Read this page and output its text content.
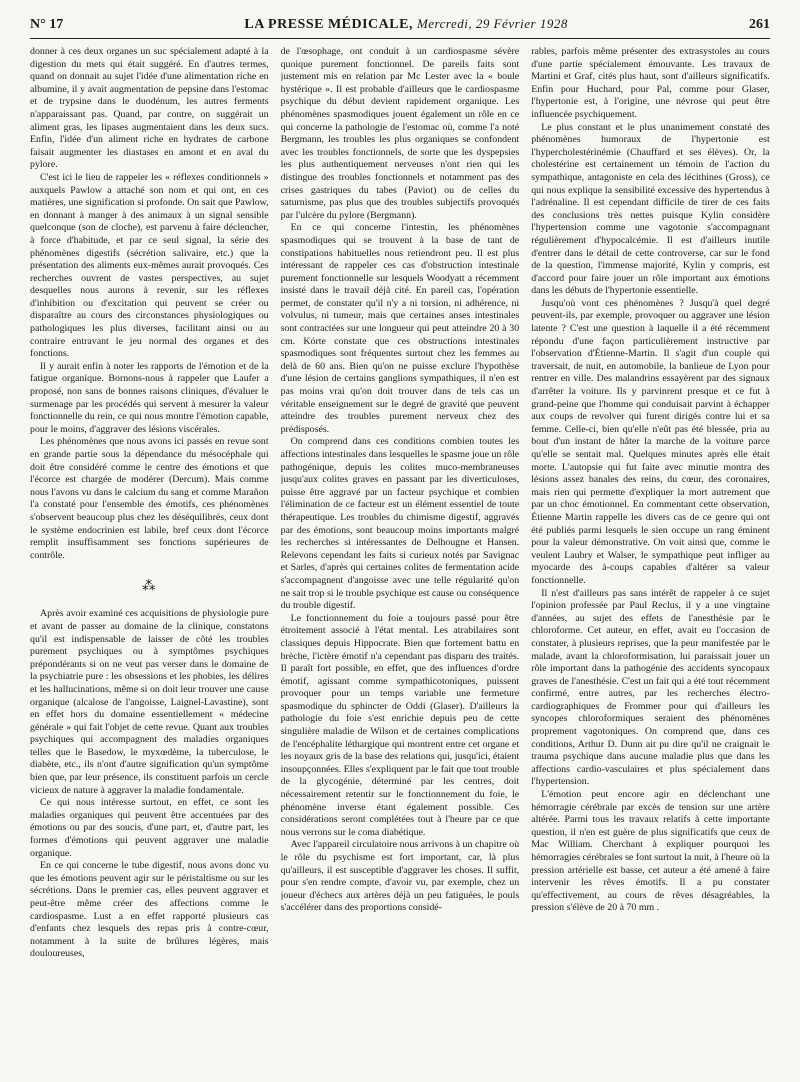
N° 17	LA PRESSE MÉDICALE, Mercredi, 29 Février 1928	261

donner à ces deux organes un suc spécialement adapté à la digestion du mets qui était suggéré. En d'autres termes, quand on donnait au sujet l'idée d'une alimentation riche en albumine, il y avait augmentation de pepsine dans l'estomac et de trypsine dans le duodénum, les autres ferments n'apparaissant pas. Quand, par contre, on suggérait un aliment gras, les lipases augmentaient dans les deux sucs. Enfin, l'idée d'un aliment riche en hydrates de carbone faisait augmenter les diastases en amont et en aval du pylore.

C'est ici le lieu de rappeler les « réflexes conditionnels » auxquels Pawlow a attaché son nom et qui ont, en ces matières, une signification si profonde. On sait que Pawlow, en donnant à manger à des animaux à un signal sensible quelconque (son de cloche), est parvenu à faire déclencher, à force d'habitude, et par ce seul signal, la série des phénomènes digestifs (sécrétion salivaire, etc.) que la présentation des aliments eux-mêmes aurait provoqués. Ces recherches ouvrent de vastes perspectives, au sujet desquelles nous aurons à revenir, sur les réflexes d'inhibition ou d'excitation qui peuvent se créer ou disparaître au cours des circonstances physiologiques ou pathologiques les plus diverses, facilitant ainsi ou au contraire entravant le jeu normal des organes et des fonctions.

Il y aurait enfin à noter les rapports de l'émotion et de la fatigue organique. Bornons-nous à rappeler que Laufer a proposé, non sans de bonnes raisons cliniques, d'évaluer le surmenage par les procédés qui servent à mesurer la valeur fonctionnelle du rein, ce qui nous montre l'émotion capable, pour le moins, d'aggraver des lésions viscérales.

Les phénomènes que nous avons ici passés en revue sont en grande partie sous la dépendance du mésocéphale qui doit être considéré comme le centre des émotions et que l'écorce est chargée de modérer (Dercum). Mais comme nous l'avons vu dans le calcium du sang et comme Marañon l'a constaté pour l'ensemble des émotifs, ces phénomènes s'observent beaucoup plus chez les déséquilibrés, ceux dont le système endocrinien est labile, bref ceux dont l'écorce remplit insuffisamment ses fonctions supérieures de contrôle.

⁂

Après avoir examiné ces acquisitions de physiologie pure et avant de passer au domaine de la clinique, constatons qu'il est indispensable de laisser de côté les troubles purement psychiques ou à symptômes psychiques prépondérants si on ne veut pas verser dans le domaine de la psychiatrie pure : les obsessions et les phobies, les délires et les hallucinations, même si on doit leur trouver une cause organique (alcalose de l'angoisse, Laignel-Lavastine), sont en effet hors du domaine essentiellement « médecine générale » qui fait l'objet de cette revue. Quant aux troubles psychiques qui accompagnent des maladies organiques telles que le Basedow, le myxœdème, la tuberculose, le diabète, etc., ils n'ont d'autre signification qu'un symptôme bien que, par leur présence, ils constituent parfois un cercle vicieux de nature à aggraver la maladie fondamentale.

Ce qui nous intéresse surtout, en effet, ce sont les maladies organiques qui peuvent être accentuées par des émotions ou par des soucis, d'une part, et, d'autre part, les formes d'émotions qui peuvent aggraver une maladie organique.

En ce qui concerne le tube digestif, nous avons donc vu que les émotions peuvent agir sur le péristaltisme ou sur les sécrétions. Dans le premier cas, elles peuvent aggraver et peut-être même créer des affections comme le cardiospasme. Lust a en effet rapporté plusieurs cas d'enfants chez lesquels des repas pris à contre-cœur, notamment à la suite de brûlures légères, mais douloureuses,

de l'œsophage, ont conduit à un cardiospasme sévère quoique purement fonctionnel. De pareils faits sont justement mis en relation par Mc Lester avec la « boule hystérique ». Il est probable d'ailleurs que le cardiospasme psychique du début devient rapidement organique. Les phénomènes spasmodiques jouent également un rôle en ce qui concerne la pathologie de l'estomac où, comme l'a noté Bergmann, les troubles les plus organiques se confondent avec les troubles fonctionnels, de sorte que les dyspepsies les plus authentiquement nerveuses n'ont rien qui les distingue des troubles fonctionnels et notamment pas des crises gastriques du tabes (Paviot) ou de celles du saturnisme, pas plus que des troubles subjectifs provoqués par l'ulcère du pylore (Bergmann).

En ce qui concerne l'intestin, les phénomènes spasmodiques qui se trouvent à la base de tant de constipations habituelles nous retiendront peu. Il est plus intéressant de rappeler ces cas d'obstruction intestinale purement fonctionnelle sur lesquels Woodyatt a récemment insisté dans le travail déjà cité. En pareil cas, l'opération permet, de constater qu'il n'y a ni torsion, ni adhérence, ni volvulus, ni tumeur, mais que certaines anses intestinales sont contractées sur une longueur qui peut atteindre 20 à 30 cm. Kórte constate que ces obstructions intestinales spasmodiques sont fréquentes surtout chez les femmes au delà de 60 ans. Bien qu'on ne puisse exclure l'hypothèse d'une lésion de certains ganglions sympathiques, il n'en est pas moins vrai qu'on doit trouver dans de tels cas un véritable enseignement sur le degré de gravité que peuvent atteindre des troubles purement nerveux chez des prédisposés.

On comprend dans ces conditions combien toutes les affections intestinales dans lesquelles le spasme joue un rôle pathogénique, depuis les colites muco-membraneuses jusqu'aux colites graves en passant par les diverticuloses, puisse être aggravé par un facteur psychique et combien l'élimination de ce facteur est un élément essentiel de toute thérapeutique. Les troubles du chimisme digestif, aggravés par des émotions, sont beaucoup moins importants malgré les recherches si intéressantes de Delhougne et Hansen. Relevons cependant les faits si curieux notés par Savignac et Sarles, d'après qui certaines colites de fermentation acide s'accompagnent d'angoisse avec une telle régularité qu'on ne sait trop si le trouble psychique est cause ou conséquence du trouble digestif.

Le fonctionnement du foie a toujours passé pour être étroitement associé à l'état mental. Les atrabilaires sont classiques depuis Hippocrate. Bien que fortement battu en brèche, l'ictère émotif n'a cependant pas disparu des traités. Il paraît fort possible, en effet, que des influences d'ordre émotif, agissant comme sympathicotoniques, puissent provoquer pour un temps variable une fermeture spasmodique du sphincter de Oddi (Glaser). D'ailleurs la pathologie du foie s'est enrichie depuis peu de cette singulière maladie de Wilson et de certaines complications de l'encéphalite léthargique qui montrent entre cet organe et les noyaux gris de la base des relations qui, jusqu'ici, étaient insoupçonnées. Elles s'expliquent par le fait que tout trouble de la glycogénie, déterminé par les centres, doit nécessairement retentir sur le fonctionnement du foie, le phénomène inverse étant également possible. Ces considérations seront complétées tout à l'heure par ce que nous verrons sur le coma diabétique.

Avec l'appareil circulatoire nous arrivons à un chapitre où le rôle du psychisme est fort important, car, là plus qu'ailleurs, il est susceptible d'aggraver les choses. Il suffit, pour s'en rendre compte, d'avoir vu, par exemple, chez un joueur d'échecs aux artères déjà un peu fatiguées, le pouls s'accélérer dans des proportions considé-

rables, parfois même présenter des extrasystoles au cours d'une partie spécialement émouvante. Les travaux de Martini et Graf, cités plus haut, sont d'ailleurs significatifs. Enfin pour Huchard, pour Pal, comme pour Glaser, l'hypertonie est, à l'origine, une névrose qui peut être influencée psychiquement.

Le plus constant et le plus unanimement constaté des phénomènes humoraux de l'hypertonie est l'hypercholestérinémie (Chauffard et ses élèves). Or, la cholestérine est certainement un témoin de l'action du sympathique, antagoniste en cela des lécithines (Gross), ce qui nous explique la sensibilité excessive des hypertendus à l'adrénaline. Il est cependant difficile de tirer de ces faits des conclusions très nettes puisque Kylin considère l'hypertension comme une vagotonie s'accompagnant régulièrement d'hypocalcémie. Il est d'ailleurs inutile d'entrer dans le détail de cette controverse, car sur le fond de la question, l'immense majorité, Kylin y compris, est d'accord pour faire jouer un rôle important aux émotions dans les débuts de l'hypertonie essentielle.

Jusqu'où vont ces phénomènes ? Jusqu'à quel degré peuvent-ils, par exemple, provoquer ou aggraver une lésion latente ? C'est une question à laquelle il a été récemment répondu d'une façon particulièrement instructive par l'observation d'Étienne-Martin. Il s'agit d'un couple qui traversait, de nuit, en automobile, la banlieue de Lyon pour rentrer en ville. Des malandrins essayèrent par des signaux d'arrêter la voiture. Ils y parvinrent presque et ce fut à grand-peine que l'homme qui conduisait parvint à échapper aux coups de revolver qui furent dirigés contre lui et sa femme. Celle-ci, bien qu'elle n'eût pas été blessée, pria au bout d'un instant de hâter la marche de la voiture parce qu'elle se sentait mal. Quelques minutes après elle était morte. L'autopsie qui fut faite avec minutie montra des lésions assez banales des reins, du cœur, des coronaires, mais rien qui permette d'expliquer la mort autrement que par un choc émotionnel. En commentant cette observation, Étienne Martin rappelle les divers cas de ce genre qui ont été publiés parmi lesquels le sien occupe un rang éminent pour la valeur démonstrative. On voit ainsi que, comme le veulent Laubry et Walser, le sympathique peut infliger au myocarde des à-coups capables d'altérer sa valeur fonctionnelle.

Il n'est d'ailleurs pas sans intérêt de rappeler à ce sujet l'opinion professée par Paul Reclus, il y a une vingtaine d'années, au sujet des effets de l'anesthésie par le chloroforme. Cet auteur, en effet, avait eu l'occasion de constater, à plusieurs reprises, que la peur manifestée par le malade, avant la chloroformisation, lui paraissait jouer un rôle important dans la pathogénie des accidents syncopaux graves de l'anesthésie. C'est un fait qui a été tout récemment confirmé, entre autres, par les recherches électro-cardiographiques de Frommer pour qui d'ailleurs les syncopes chloroformiques seraient des phénomènes proprement vagotoniques. On comprend que, dans ces conditions, Arthur D. Dunn ait pu dire qu'il ne craignait le trauma psychique dans aucune maladie plus que dans les affections cardio-vasculaires et plus spécialement dans l'hypertension.

L'émotion peut encore agir en déclenchant une hémorragie cérébrale par excès de tension sur une artère altérée. Parmi tous les travaux relatifs à cette importante question, il n'en est guère de plus significatifs que ceux de Mac William. Cherchant à expliquer pourquoi les hémorragies cérébrales se font surtout la nuit, à l'heure où la pression artérielle est basse, cet auteur a été amené à faire intervenir les rêves émotifs. Il a pu constater qu'effectivement, au cours de rêves désagréables, la pression s'élève de 20 à 70 mm .
